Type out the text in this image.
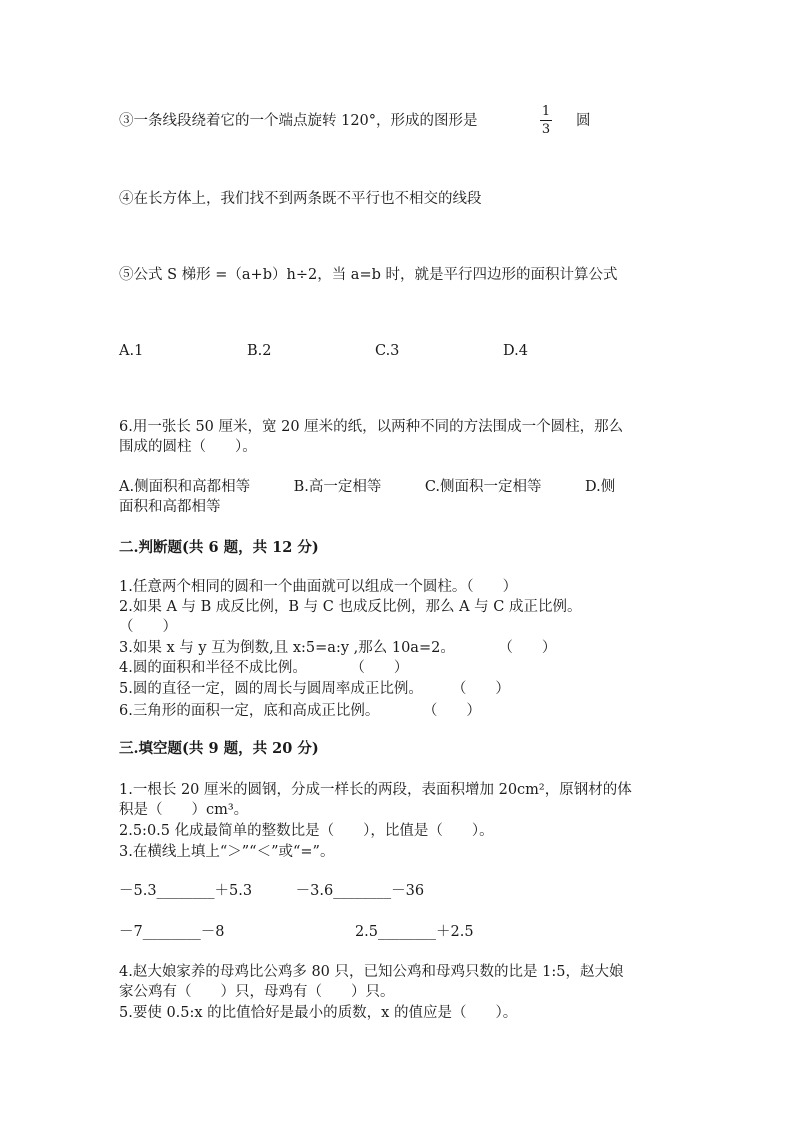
③一条线段绕着它的一个端点旋转 120°，形成的图形是
1
3
圆
④在长方体上，我们找不到两条既不平行也不相交的线段
⑤公式 S 梯形 =（a+b）h÷2，当 a=b 时，就是平行四边形的面积计算公式
A.1	B.2	C.3	D.4
6.用一张长 50 厘米，宽 20 厘米的纸，以两种不同的方法围成一个圆柱，那么
围成的圆柱（　　）。
A.侧面积和高都相等　　　B.高一定相等　　　C.侧面积一定相等　　　D.侧
面积和高都相等
二.判断题(共 6 题，共 12 分)
1.任意两个相同的圆和一个曲面就可以组成一个圆柱。（　　）
2.如果 A 与 B 成反比例，B 与 C 也成反比例，那么 A 与 C 成正比例。
（　　）
3.如果 x 与 y 互为倒数,且 x:5=a:y ,那么 10a=2。　　　　（　　）
4.圆的面积和半径不成比例。　　　　（　　）
5.圆的直径一定，圆的周长与圆周率成正比例。　　　（　　）
6.三角形的面积一定，底和高成正比例。　　　　（　　）
三.填空题(共 9 题，共 20 分)
1.一根长 20 厘米的圆钢，分成一样长的两段，表面积增加 20cm²，原钢材的体
积是（　　）cm³。
2.5:0.5 化成最简单的整数比是（　　），比值是（　　）。
3.在横线上填上“＞”“＜”或“=”。
－5.3________＋5.3　　　－3.6________－36
－7________－8　　　　　　　　　2.5________＋2.5
4.赵大娘家养的母鸡比公鸡多 80 只，已知公鸡和母鸡只数的比是 1:5，赵大娘
家公鸡有（　　）只，母鸡有（　　）只。
5.要使 0.5:x 的比值恰好是最小的质数，x 的值应是（　　）。
